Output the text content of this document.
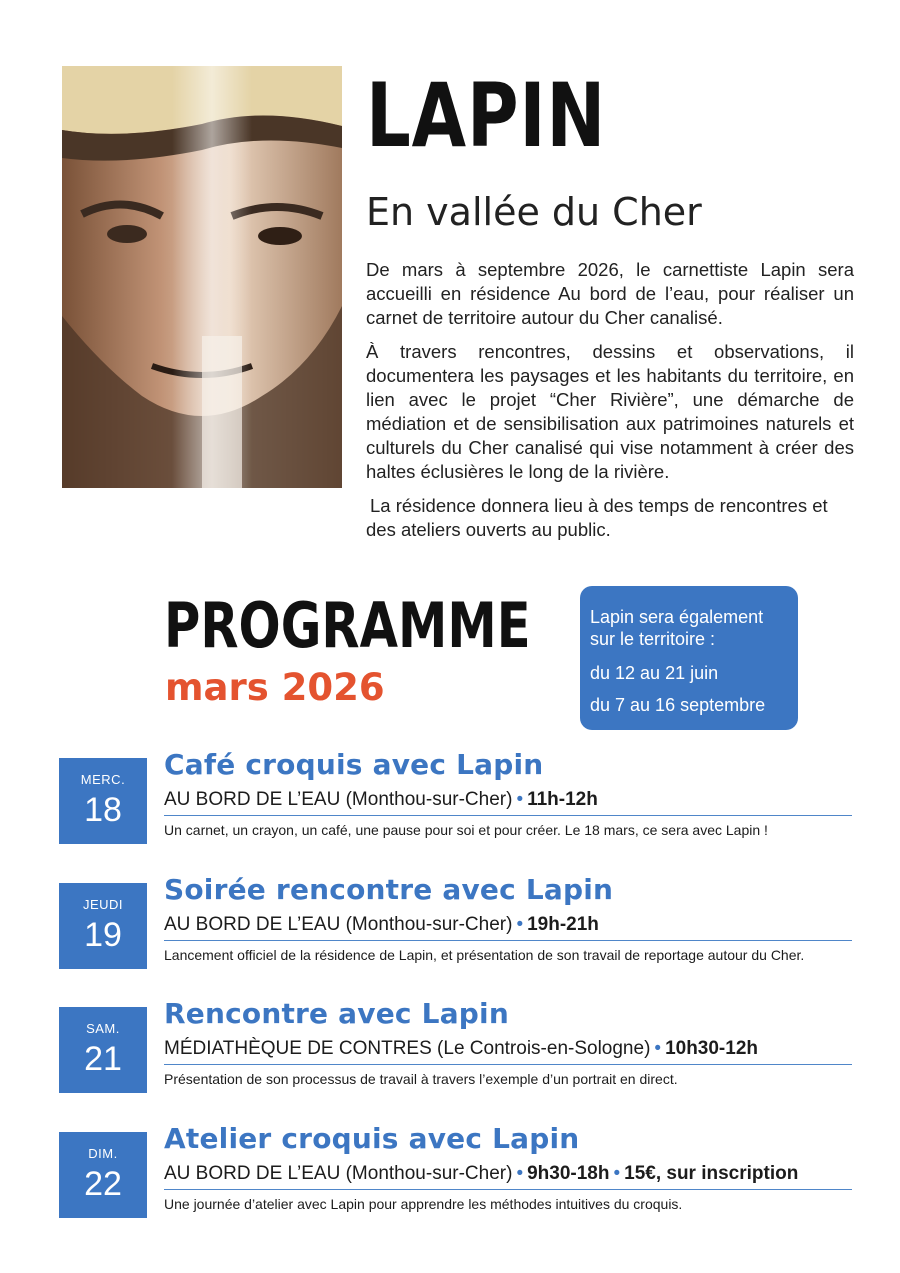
LAPIN
En vallée du Cher

De mars à septembre 2026, le carnettiste Lapin sera accueilli en résidence Au bord de l’eau, pour réaliser un carnet de territoire autour du Cher canalisé.

À travers rencontres, dessins et observations, il documentera les paysages et les habitants du territoire, en lien avec le projet “Cher Rivière”, une démarche de médiation et de sensibilisation aux patrimoines naturels et culturels du Cher canalisé qui vise notamment à créer des haltes éclusières le long de la rivière.

La résidence donnera lieu à des temps de rencontres et des ateliers ouverts au public.

PROGRAMME
mars 2026
Lapin sera également sur le territoire :
du 12 au 21 juin
du 7 au 16 septembre
MERC.
18
Café croquis avec Lapin
AU BORD DE L’EAU (Monthou-sur-Cher) • 11h-12h
Un carnet, un crayon, un café, une pause pour soi et pour créer. Le 18 mars, ce sera avec Lapin !
JEUDI
19
Soirée rencontre avec Lapin
AU BORD DE L’EAU (Monthou-sur-Cher) • 19h-21h
Lancement officiel de la résidence de Lapin, et présentation de son travail de reportage autour du Cher.
SAM.
21
Rencontre avec Lapin
MÉDIATHÈQUE DE CONTRES (Le Controis-en-Sologne) • 10h30-12h
Présentation de son processus de travail à travers l’exemple d’un portrait en direct.
DIM.
22
Atelier croquis avec Lapin
AU BORD DE L’EAU (Monthou-sur-Cher) • 9h30-18h • 15€, sur inscription
Une journée d’atelier avec Lapin pour apprendre les méthodes intuitives du croquis.
